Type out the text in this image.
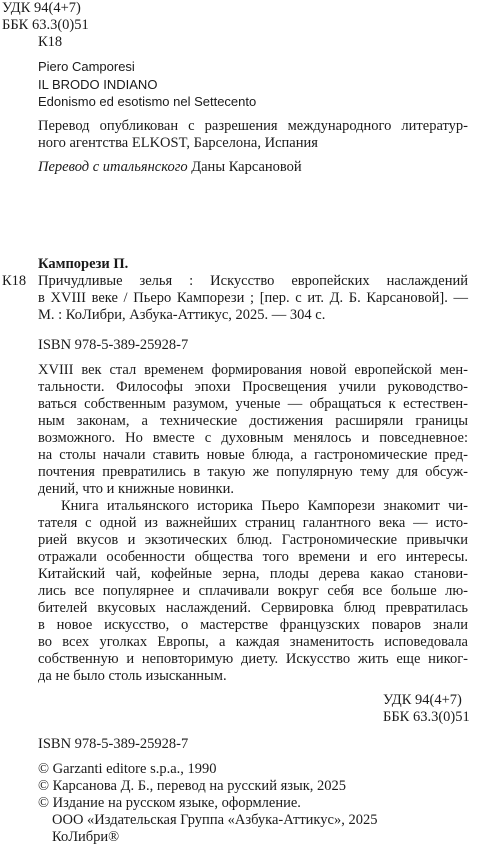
УДК 94(4+7)
ББК 63.3(0)51
К18
Piero Camporesi
IL BRODO INDIANO
Edonismo ed esotismo nel Settecento
Перевод опубликован с разрешения международного литератур-
ного агентства ELKOST, Барселона, Испания
Перевод с итальянского Даны Карсановой
Кампорези П.
К18 Причудливые зелья : Искусство европейских наслаждений
в XVIII веке / Пьеро Кампорези ; [пер. с ит. Д. Б. Карсановой]. —
М. : КоЛибри, Азбука-Аттикус, 2025. — 304 с.
ISBN 978-5-389-25928-7
XVIII век стал временем формирования новой европейской мен-
тальности. Философы эпохи Просвещения учили руководство-
ваться собственным разумом, ученые — обращаться к естествен-
ным законам, а технические достижения расширяли границы
возможного. Но вместе с духовным менялось и повседневное:
на столы начали ставить новые блюда, а гастрономические пред-
почтения превратились в такую же популярную тему для обсуж-
дений, что и книжные новинки.
Книга итальянского историка Пьеро Кампорези знакомит чи-
тателя с одной из важнейших страниц галантного века — исто-
рией вкусов и экзотических блюд. Гастрономические привычки
отражали особенности общества того времени и его интересы.
Китайский чай, кофейные зерна, плоды дерева какао станови-
лись все популярнее и сплачивали вокруг себя все больше лю-
бителей вкусовых наслаждений. Сервировка блюд превратилась
в новое искусство, о мастерстве французских поваров знали
во всех уголках Европы, а каждая знаменитость исповедовала
собственную и неповторимую диету. Искусство жить еще никог-
да не было столь изысканным.
УДК 94(4+7)
ББК 63.3(0)51
ISBN 978-5-389-25928-7
© Garzanti editore s.p.a., 1990
© Карсанова Д. Б., перевод на русский язык, 2025
© Издание на русском языке, оформление.
ООО «Издательская Группа «Азбука-Аттикус», 2025
КоЛибри®
